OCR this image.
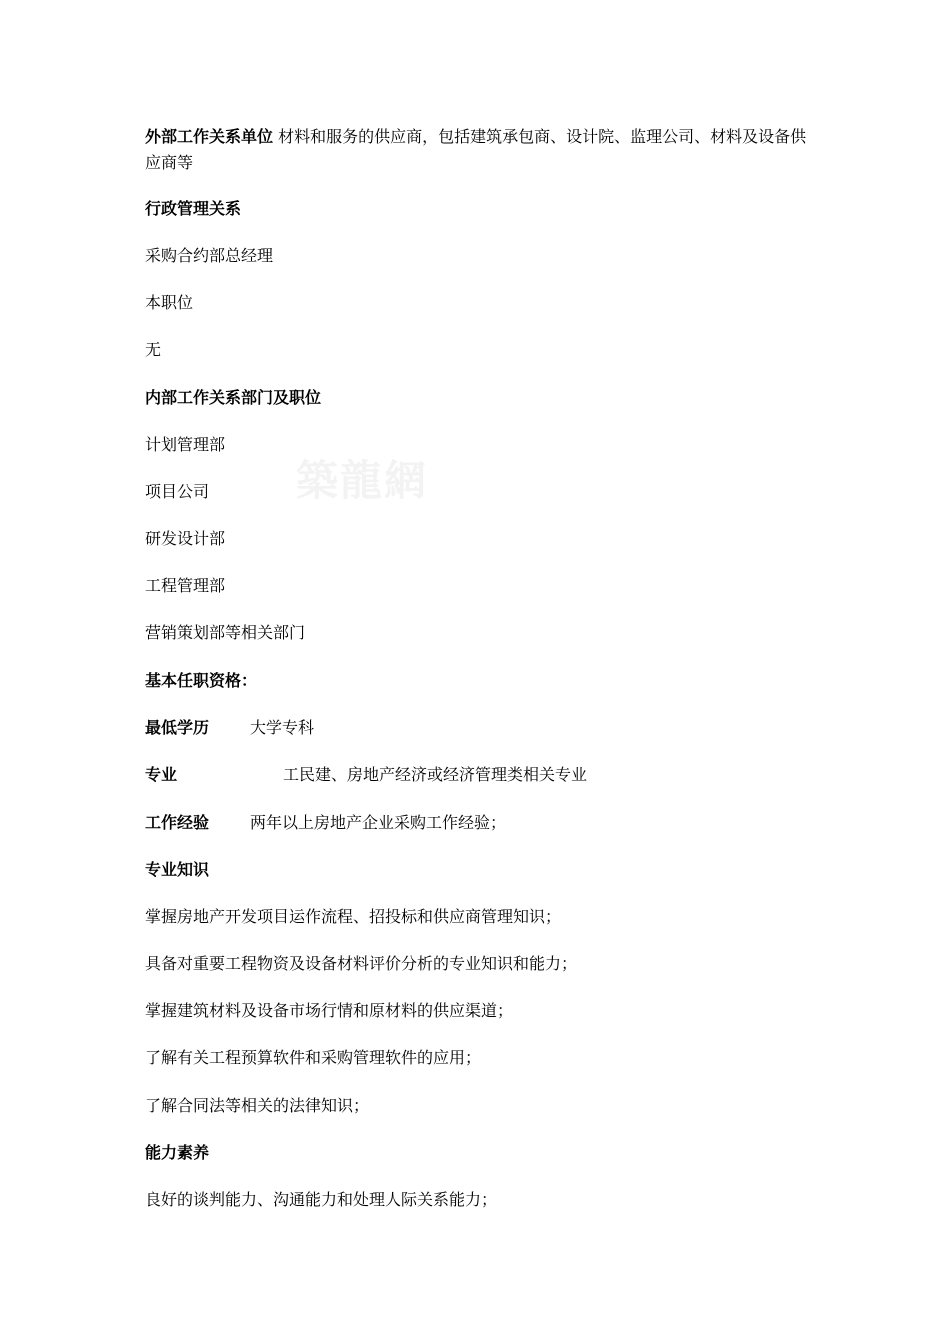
築龍網
外部工作关系单位 材料和服务的供应商，包括建筑承包商、设计院、监理公司、材料及设备供应商等
行政管理关系
采购合约部总经理
本职位
无
内部工作关系部门及职位
计划管理部
项目公司
研发设计部
工程管理部
营销策划部等相关部门
基本任职资格：
最低学历	大学专科
专业	工民建、房地产经济或经济管理类相关专业
工作经验	两年以上房地产企业采购工作经验；
专业知识
掌握房地产开发项目运作流程、招投标和供应商管理知识；
具备对重要工程物资及设备材料评价分析的专业知识和能力；
掌握建筑材料及设备市场行情和原材料的供应渠道；
了解有关工程预算软件和采购管理软件的应用；
了解合同法等相关的法律知识；
能力素养
良好的谈判能力、沟通能力和处理人际关系能力；
